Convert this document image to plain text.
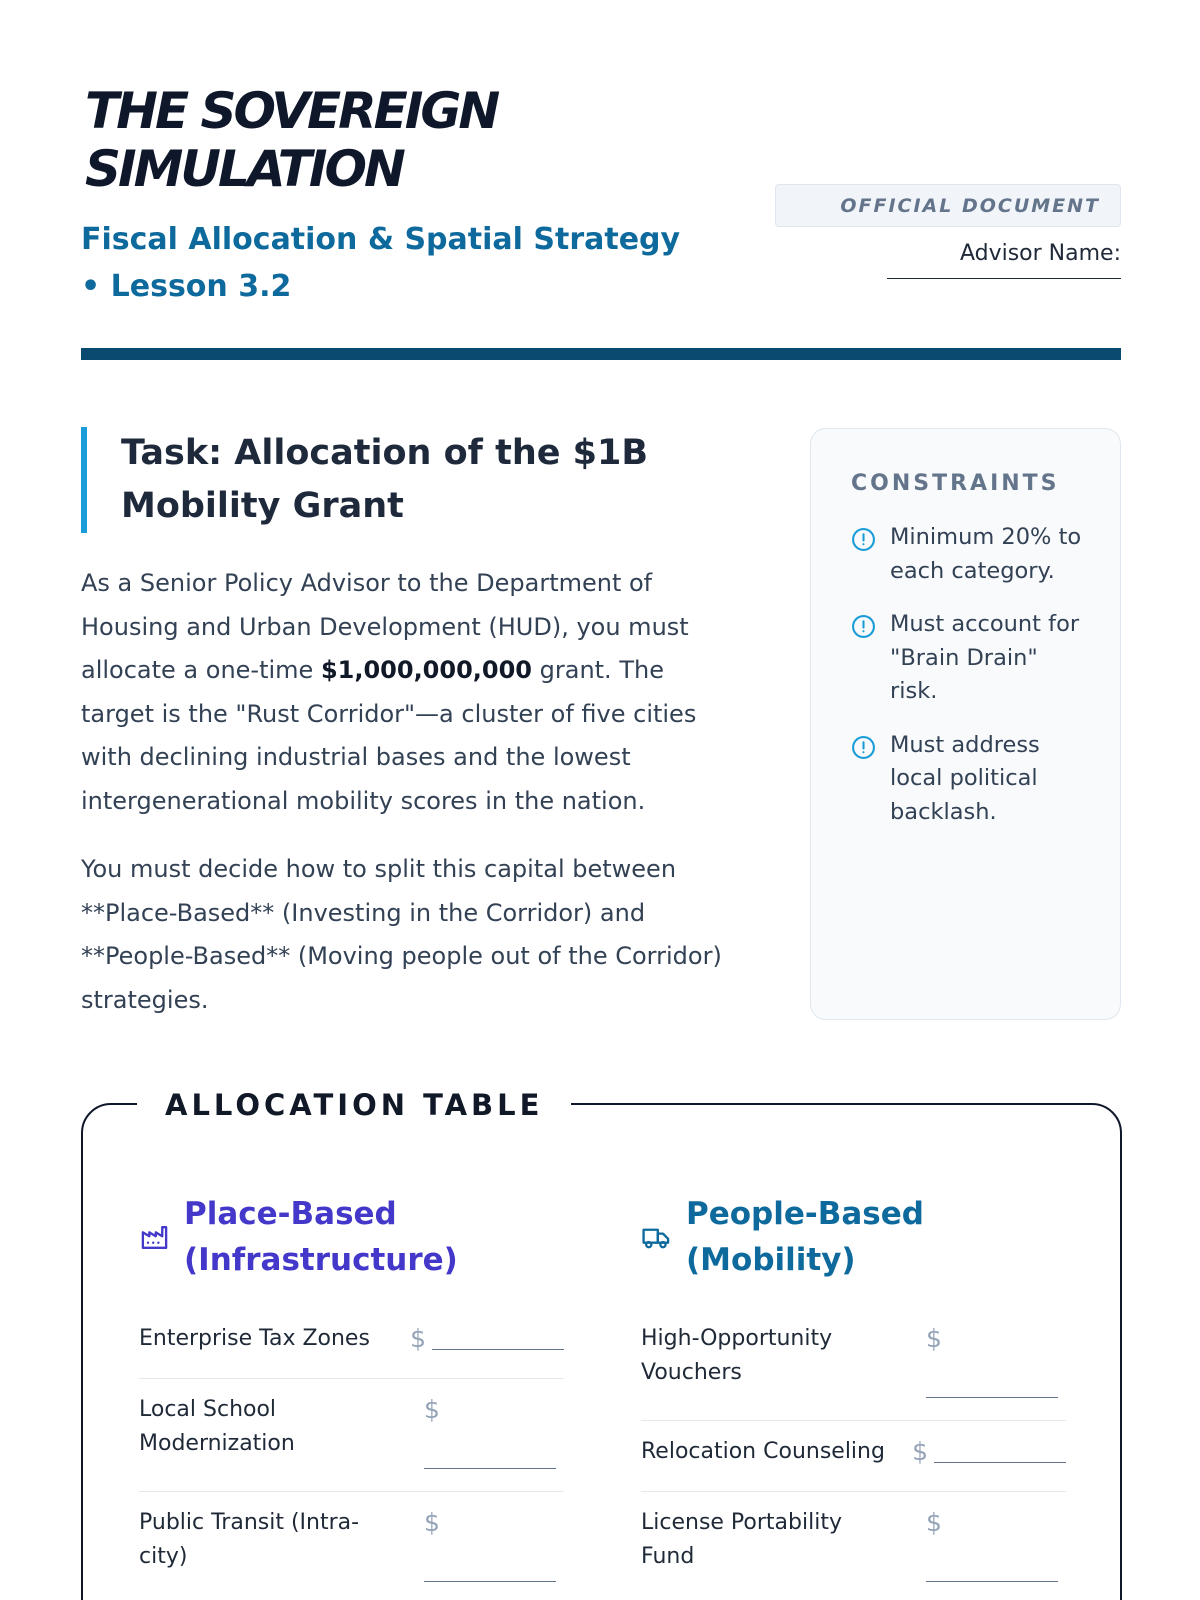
THE SOVEREIGN SIMULATION
Fiscal Allocation & Spatial Strategy • Lesson 3.2
OFFICIAL DOCUMENT
Advisor Name:
Task: Allocation of the $1B Mobility Grant

As a Senior Policy Advisor to the Department of Housing and Urban Development (HUD), you must allocate a one-time $1,000,000,000 grant. The target is the "Rust Corridor"—a cluster of five cities with declining industrial bases and the lowest intergenerational mobility scores in the nation.

You must decide how to split this capital between **Place-Based** (Investing in the Corridor) and **People-Based** (Moving people out of the Corridor) strategies.

CONSTRAINTS
Minimum 20% to each category.
Must account for "Brain Drain" risk.
Must address local political backlash.
ALLOCATION TABLE
Place-Based (Infrastructure)
Enterprise Tax Zones $
Local School Modernization
$
Public Transit (Intra-city)
$
People-Based (Mobility)
High-Opportunity Vouchers
$
Relocation Counseling $
License Portability Fund
$
